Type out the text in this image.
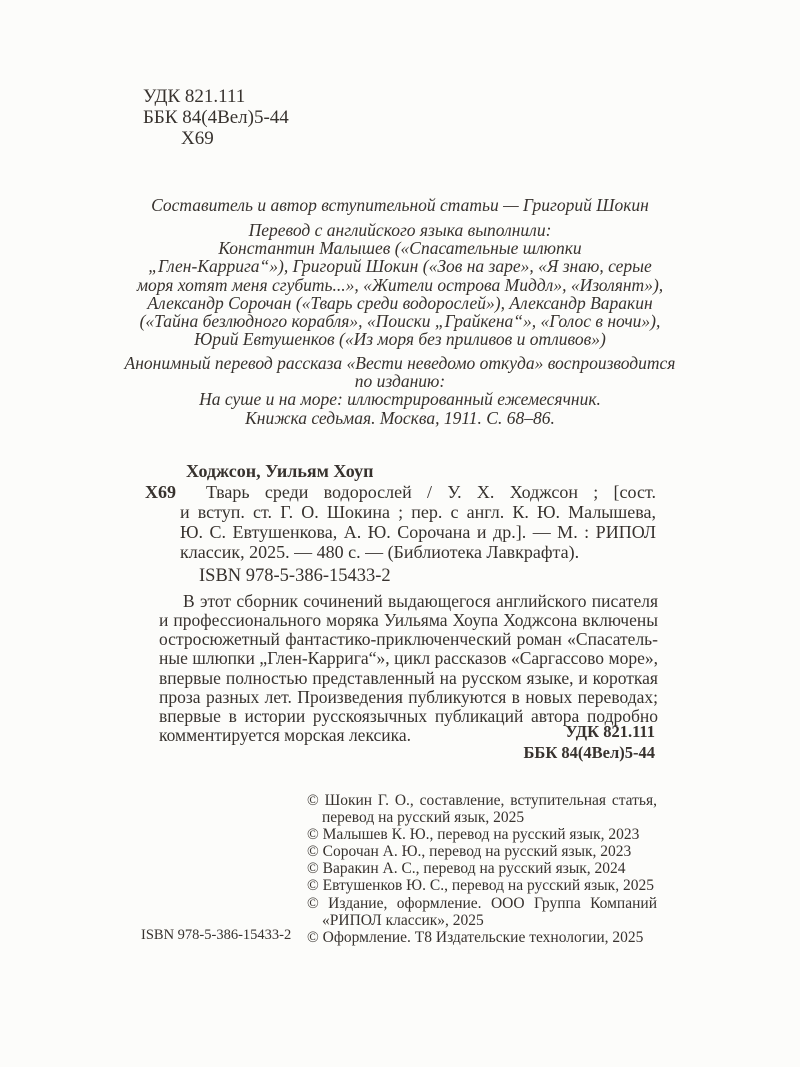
УДК 821.111
ББК 84(4Вел)5-44
Х69
Составитель и автор вступительной статьи — Григорий Шокин
Перевод с английского языка выполнили:
Константин Малышев («Спасательные шлюпки
„Глен-Каррига“»), Григорий Шокин («Зов на заре», «Я знаю, серые
моря хотят меня сгубить...», «Жители острова Миддл», «Изолянт»),
Александр Сорочан («Тварь среди водорослей»), Александр Варакин
(«Тайна безлюдного корабля», «Поиски „Грайкена“», «Голос в ночи»),
Юрий Евтушенков («Из моря без приливов и отливов»)
Анонимный перевод рассказа «Вести неведомо откуда» воспроизводится
по изданию:
На суше и на море: иллюстрированный ежемесячник.
Книжка седьмая. Москва, 1911. С. 68–86.
Ходжсон, Уильям Хоуп
Х69	Тварь среди водорослей / У. Х. Ходжсон ; [сост.
и вступ. ст. Г. О. Шокина ; пер. с англ. К. Ю. Малышева,
Ю. С. Евтушенкова, А. Ю. Сорочана и др.]. — М. : РИПОЛ
классик, 2025. — 480 с. — (Библиотека Лавкрафта).
ISBN 978-5-386-15433-2
В этот сборник сочинений выдающегося английского писателя
и профессионального моряка Уильяма Хоупа Ходжсона включены
остросюжетный фантастико-приключенческий роман «Спасатель-
ные шлюпки „Глен-Каррига“», цикл рассказов «Саргассово море»,
впервые полностью представленный на русском языке, и короткая
проза разных лет. Произведения публикуются в новых переводах;
впервые в истории русскоязычных публикаций автора подробно
комментируется морская лексика.	УДК 821.111
ББК 84(4Вел)5-44
© Шокин Г. О., составление, вступительная статья,
перевод на русский язык, 2025
© Малышев К. Ю., перевод на русский язык, 2023
© Сорочан А. Ю., перевод на русский язык, 2023
© Варакин А. С., перевод на русский язык, 2024
© Евтушенков Ю. С., перевод на русский язык, 2025
© Издание, оформление. ООО Группа Компаний
«РИПОЛ классик», 2025
© Оформление. Т8 Издательские технологии, 2025
ISBN 978-5-386-15433-2
